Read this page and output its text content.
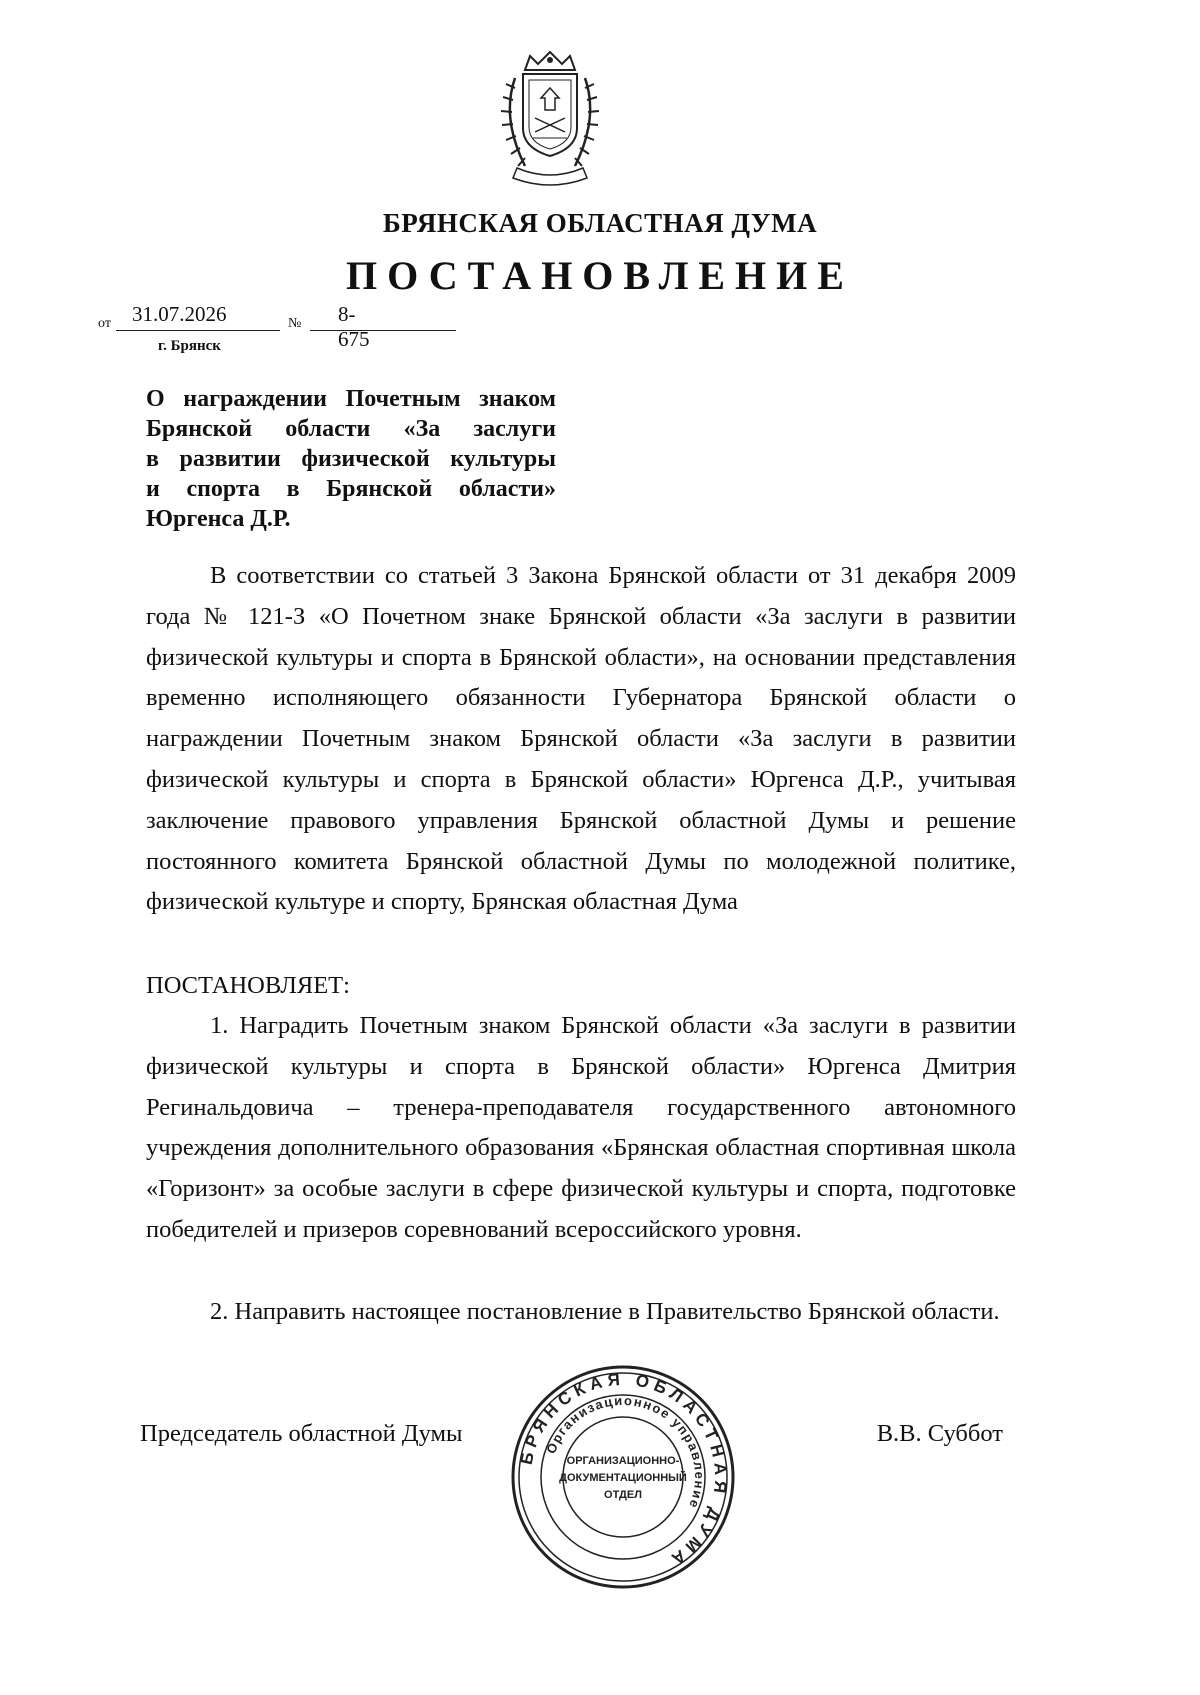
БРЯНСКАЯ ОБЛАСТНАЯ ДУМА
ПОСТАНОВЛЕНИЕ
от 31.07.2026	№ 8-675
г. Брянск
О награждении Почетным знаком
Брянской области «За заслуги
в развитии физической культуры
и спорта в Брянской области»
Юргенса Д.Р.
В соответствии со статьей 3 Закона Брянской области от 31 декабря 2009 года № 121-З «О Почетном знаке Брянской области «За заслуги в развитии физической культуры и спорта в Брянской области», на основании представления временно исполняющего обязанности Губернатора Брянской области о награждении Почетным знаком Брянской области «За заслуги в развитии физической культуры и спорта в Брянской области» Юргенса Д.Р., учитывая заключение правового управления Брянской областной Думы и решение постоянного комитета Брянской областной Думы по молодежной политике, физической культуре и спорту, Брянская областная Дума
ПОСТАНОВЛЯЕТ:
1. Наградить Почетным знаком Брянской области «За заслуги в развитии физической культуры и спорта в Брянской области» Юргенса Дмитрия Регинальдовича – тренера-преподавателя государственного автономного учреждения дополнительного образования «Брянская областная спортивная школа «Горизонт» за особые заслуги в сфере физической культуры и спорта, подготовке победителей и призеров соревнований всероссийского уровня.
2. Направить настоящее постановление в Правительство Брянской области.
Председатель областной Думы	В.В. Суббот
БРЯНСКАЯ ОБЛАСТНАЯ ДУМА
Организационное управление
ОРГАНИЗАЦИОННО-
ДОКУМЕНТАЦИОННЫЙ
ОТДЕЛ
